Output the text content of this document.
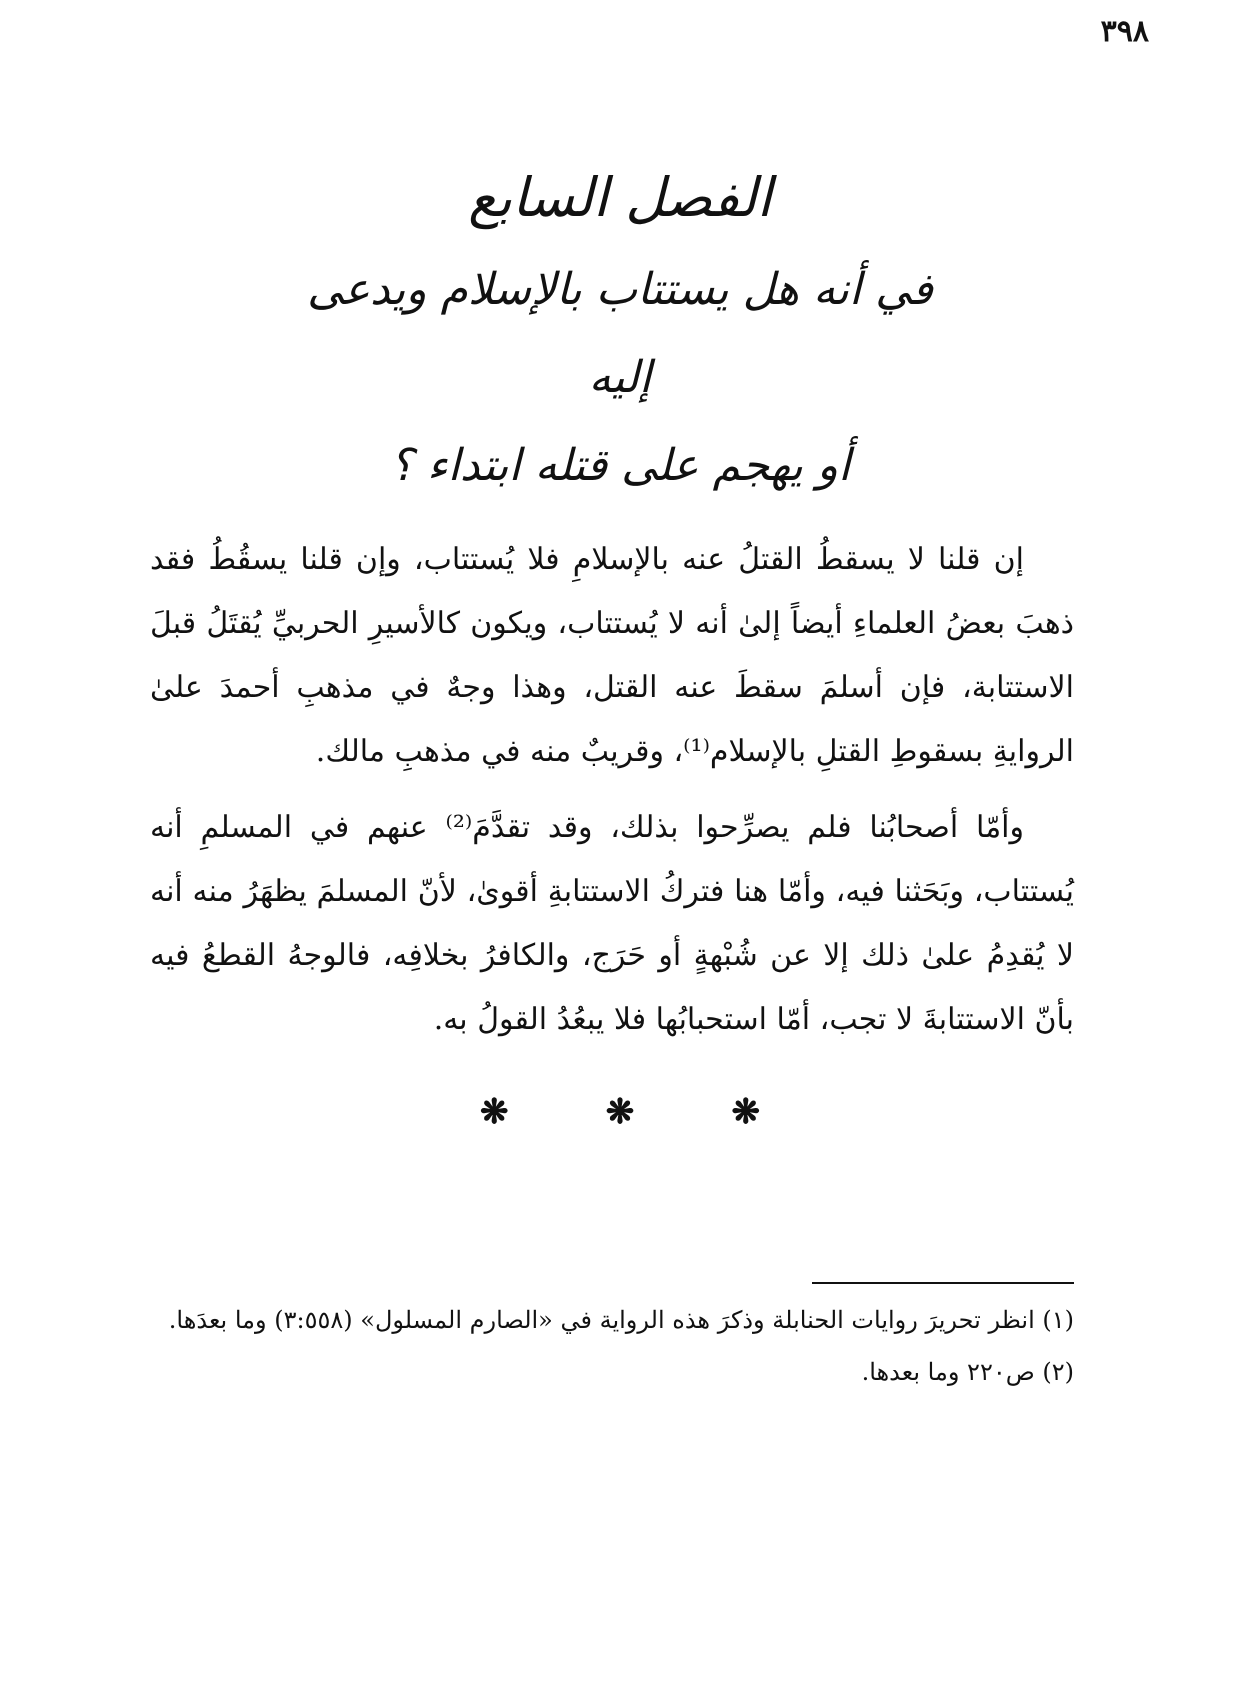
٣٩٨
الفصل السابع
في أنه هل يستتاب بالإسلام ويدعى إليه
أو يهجم على قتله ابتداء ؟

إن قلنا لا يسقطُ القتلُ عنه بالإسلامِ فلا يُستتاب، وإن قلنا يسقُطُ فقد ذهبَ بعضُ العلماءِ أيضاً إلىٰ أنه لا يُستتاب، ويكون كالأسيرِ الحربيِّ يُقتَلُ قبلَ الاستتابة، فإن أسلمَ سقطَ عنه القتل، وهذا وجهٌ في مذهبِ أحمدَ علىٰ الروايةِ بسقوطِ القتلِ بالإسلام⁽¹⁾، وقريبٌ منه في مذهبِ مالك.

وأمّا أصحابُنا فلم يصرِّحوا بذلك، وقد تقدَّمَ⁽²⁾ عنهم في المسلمِ أنه يُستتاب، وبَحَثنا فيه، وأمّا هنا فتركُ الاستتابةِ أقوىٰ، لأنّ المسلمَ يظهَرُ منه أنه لا يُقدِمُ علىٰ ذلك إلا عن شُبْهةٍ أو حَرَج، والكافرُ بخلافِه، فالوجهُ القطعُ فيه بأنّ الاستتابةَ لا تجب، أمّا استحبابُها فلا يبعُدُ القولُ به.

❋	❋	❋

(١) انظر تحريرَ روايات الحنابلة وذكرَ هذه الرواية في «الصارم المسلول» (٣:٥٥٨) وما بعدَها.

(٢) ص٢٢٠ وما بعدها.
